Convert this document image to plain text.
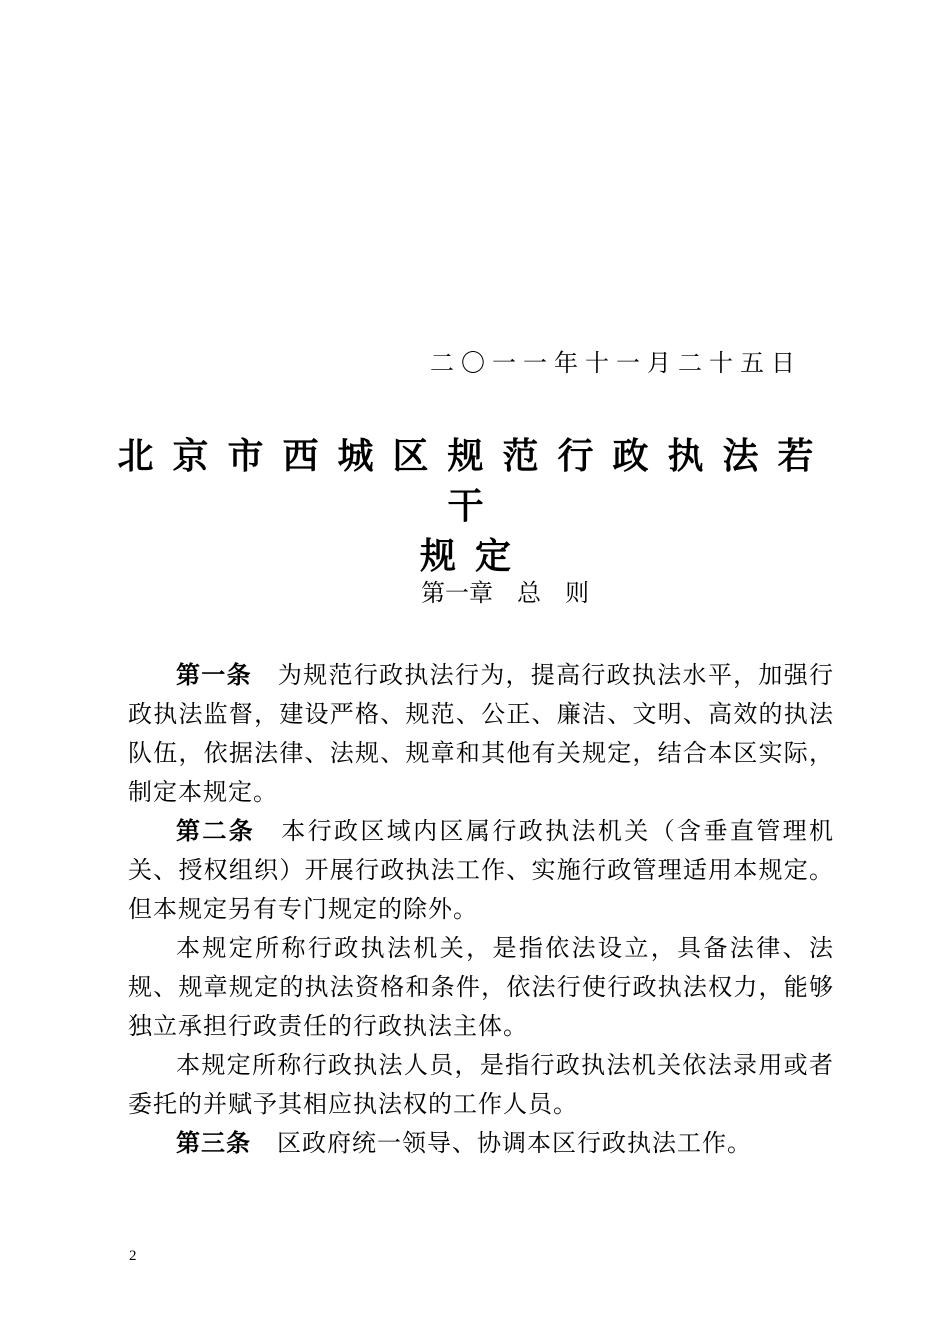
二〇一一年十一月二十五日
北京市西城区规范行政执法若干
规定
第一章　总　则

第一条 为规范行政执法行为，提高行政执法水平，加强行政执法监督，建设严格、规范、公正、廉洁、文明、高效的执法队伍，依据法律、法规、规章和其他有关规定，结合本区实际，制定本规定。

第二条 本行政区域内区属行政执法机关（含垂直管理机关、授权组织）开展行政执法工作、实施行政管理适用本规定。但本规定另有专门规定的除外。

本规定所称行政执法机关，是指依法设立，具备法律、法规、规章规定的执法资格和条件，依法行使行政执法权力，能够独立承担行政责任的行政执法主体。

本规定所称行政执法人员，是指行政执法机关依法录用或者委托的并赋予其相应执法权的工作人员。

第三条 区政府统一领导、协调本区行政执法工作。

2
